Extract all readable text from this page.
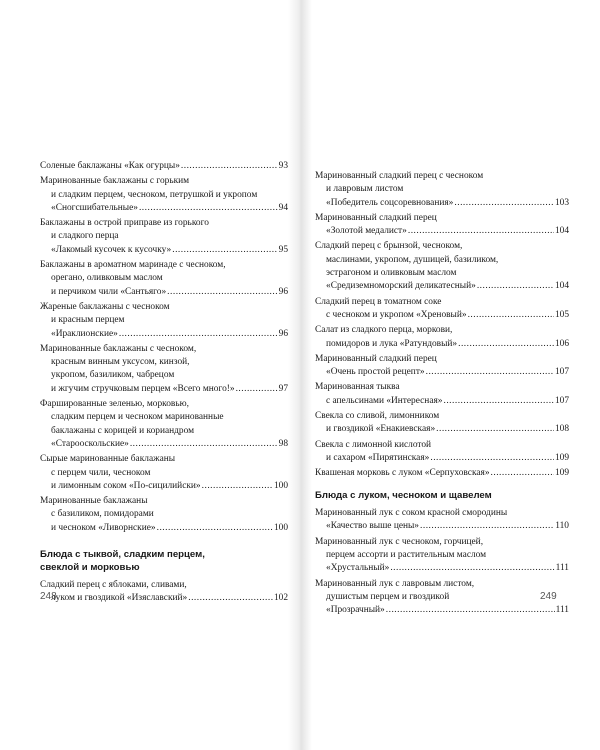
Соленые баклажаны «Как огурцы» .....	93
Маринованные баклажаны с горьким
и сладким перцем, чесноком, петрушкой и укропом
«Сногсшибательные» .....	94
Баклажаны в острой приправе из горького
и сладкого перца
«Лакомый кусочек к кусочку» .....	95
Баклажаны в ароматном маринаде с чесноком,
орегано, оливковым маслом
и перчиком чили «Сантьяго» .....	96
Жареные баклажаны с чесноком
и красным перцем
«Ираклионские» .....	96
Маринованные баклажаны с чесноком,
красным винным уксусом, кинзой,
укропом, базиликом, чабрецом
и жгучим стручковым перцем «Всего много!» .....	97
Фаршированные зеленью, морковью,
сладким перцем и чесноком маринованные
баклажаны с корицей и кориандром
«Старооскольские» .....	98
Сырые маринованные баклажаны
с перцем чили, чесноком
и лимонным соком «По-сицилийски» .....	100
Маринованные баклажаны
с базиликом, помидорами
и чесноком «Ливорнские» .....	100
Блюда с тыквой, сладким перцем,
свеклой и морковью
Сладкий перец с яблоками, сливами,
луком и гвоздикой «Изяславский» .....	102
Маринованный сладкий перец с чесноком
и лавровым листом
«Победитель соцсоревнования» .....	103
Маринованный сладкий перец
«Золотой медалист» .....	104
Сладкий перец с брынзой, чесноком,
маслинами, укропом, душицей, базиликом,
эстрагоном и оливковым маслом
«Средиземноморский деликатесный» .....	104
Сладкий перец в томатном соке
с чесноком и укропом «Хреновый» .....	105
Салат из сладкого перца, моркови,
помидоров и лука «Ратундовый» .....	106
Маринованный сладкий перец
«Очень простой рецепт» .....	107
Маринованная тыква
с апельсинами «Интересная» .....	107
Свекла со сливой, лимонником
и гвоздикой «Енакиевская» .....	108
Свекла с лимонной кислотой
и сахаром «Пирятинская» .....	109
Квашеная морковь с луком «Серпуховская» .....	109
Блюда с луком, чесноком и щавелем
Маринованный лук с соком красной смородины
«Качество выше цены» .....	110
Маринованный лук с чесноком, горчицей,
перцем ассорти и растительным маслом
«Хрустальный» .....	111
Маринованный лук с лавровым листом,
душистым перцем и гвоздикой
«Прозрачный» .....	111
248	249
